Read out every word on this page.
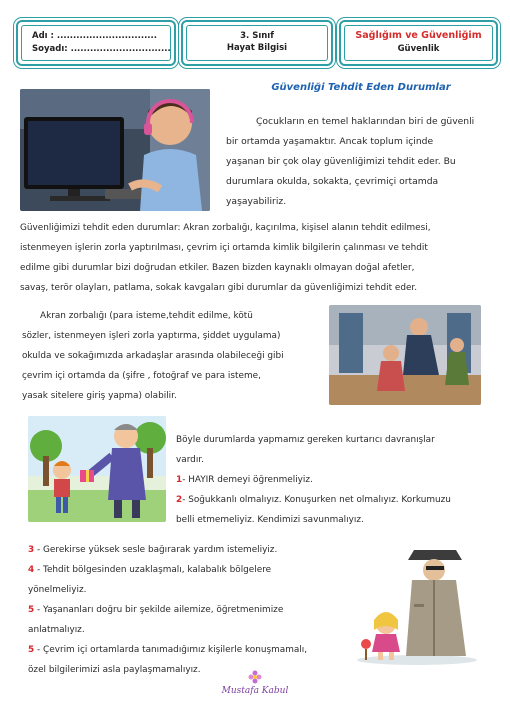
Adı : ...............................
Soyadı: ...............................
3. Sınıf
Hayat Bilgisi
Sağlığım ve Güvenliğim
Güvenlik
Güvenliği Tehdit Eden Durumlar
Çocukların en temel haklarından biri de güvenli
bir ortamda yaşamaktır. Ancak toplum içinde
yaşanan bir çok olay güvenliğimizi tehdit eder. Bu
durumlara okulda, sokakta, çevrimiçi ortamda
yaşayabiliriz.
Güvenliğimizi tehdit eden durumlar: Akran zorbalığı, kaçırılma, kişisel alanın tehdit edilmesi,
istenmeyen işlerin zorla yaptırılması, çevrim içi ortamda kimlik bilgilerin çalınması ve tehdit
edilme gibi durumlar bizi doğrudan etkiler. Bazen bizden kaynaklı olmayan doğal afetler,
savaş, terör olayları, patlama, sokak kavgaları gibi durumlar da güvenliğimizi tehdit eder.
Akran zorbalığı (para isteme,tehdit edilme, kötü
sözler, istenmeyen işleri zorla yaptırma, şiddet uygulama)
okulda ve sokağımızda arkadaşlar arasında olabileceği gibi
çevrim içi ortamda da (şifre , fotoğraf ve para isteme,
yasak sitelere giriş yapma) olabilir.
Böyle durumlarda yapmamız gereken kurtarıcı davranışlar
vardır.
1- HAYIR demeyi öğrenmeliyiz.
2- Soğukkanlı olmalıyız. Konuşurken net olmalıyız. Korkumuzu
belli etmemeliyiz. Kendimizi savunmalıyız.
3 - Gerekirse yüksek sesle bağırarak yardım istemeliyiz.
4 - Tehdit bölgesinden uzaklaşmalı, kalabalık bölgelere
yönelmeliyiz.
5 - Yaşananları doğru bir şekilde ailemize, öğretmenimize
anlatmalıyız.
5 - Çevrim içi ortamlarda tanımadığımız kişilerle konuşmamalı,
özel bilgilerimizi asla paylaşmamalıyız.
Mustafa Kabul
